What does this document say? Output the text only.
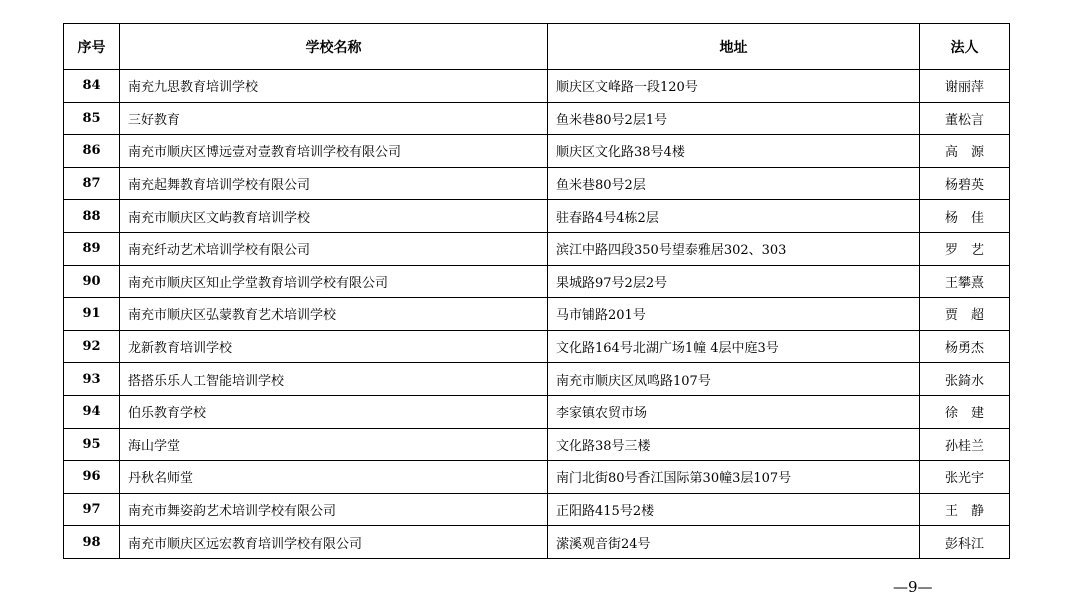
序号	学校名称	地址	法人
84	南充九思教育培训学校	顺庆区文峰路一段120号	谢丽萍
85	三好教育	鱼米巷80号2层1号	董松言
86	南充市顺庆区博远壹对壹教育培训学校有限公司	顺庆区文化路38号4楼	高　源
87	南充起舞教育培训学校有限公司	鱼米巷80号2层	杨碧英
88	南充市顺庆区文屿教育培训学校	驻春路4号4栋2层	杨　佳
89	南充纤动艺术培训学校有限公司	滨江中路四段350号望泰雅居302、303	罗　艺
90	南充市顺庆区知止学堂教育培训学校有限公司	果城路97号2层2号	王攀熹
91	南充市顺庆区弘蒙教育艺术培训学校	马市铺路201号	贾　超
92	龙新教育培训学校	文化路164号北湖广场1幢 4层中庭3号	杨勇杰
93	搭搭乐乐人工智能培训学校	南充市顺庆区凤鸣路107号	张錡水
94	伯乐教育学校	李家镇农贸市场	徐　建
95	海山学堂	文化路38号三楼	孙桂兰
96	丹秋名师堂	南门北街80号香江国际第30幢3层107号	张光宇
97	南充市舞姿韵艺术培训学校有限公司	正阳路415号2楼	王　静
98	南充市顺庆区远宏教育培训学校有限公司	潆溪观音街24号	彭科江
—9—
